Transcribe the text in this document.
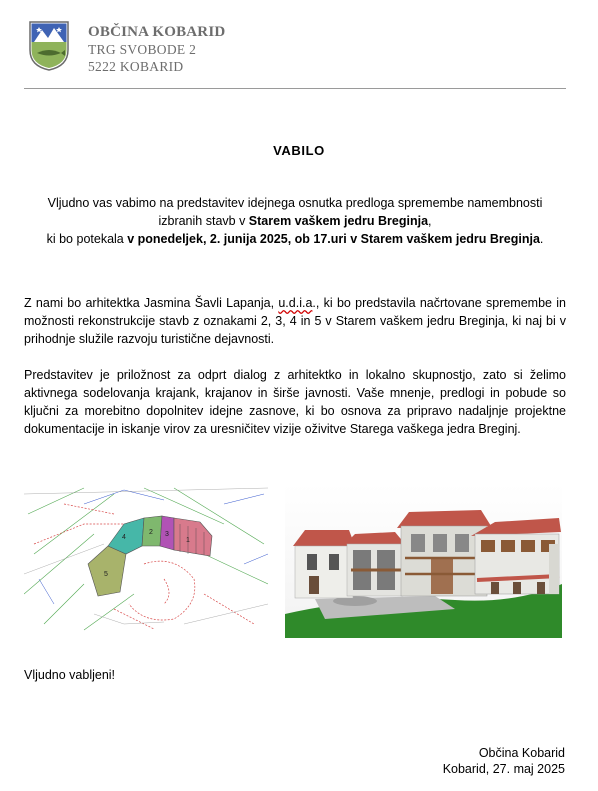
OBČINA KOBARID
TRG SVOBODE 2
5222 KOBARID
VABILO

Vljudno vas vabimo na predstavitev idejnega osnutka predloga spremembe namembnosti

izbranih stavb v Starem vaškem jedru Breginja,

ki bo potekala v ponedeljek, 2. junija 2025, ob 17.uri v Starem vaškem jedru Breginja.

Z nami bo arhitektka Jasmina Šavli Lapanja, u.d.i.a., ki bo predstavila načrtovane spremembe in možnosti rekonstrukcije stavb z oznakami 2, 3, 4 in 5 v Starem vaškem jedru Breginja, ki naj bi v prihodnje služile razvoju turistične dejavnosti.
Predstavitev je priložnost za odprt dialog z arhitektko in lokalno skupnostjo, zato si želimo aktivnega sodelovanja krajank, krajanov in širše javnosti. Vaše mnenje, predlogi in pobude so ključni za morebitno dopolnitev idejne zasnove, ki bo osnova za pripravo nadaljnje projektne dokumentacije in iskanje virov za uresničitev vizije oživitve Starega vaškega jedra Breginj.
1
2 3
4
5
Vljudno vabljeni!
Občina Kobarid
Kobarid, 27. maj 2025
